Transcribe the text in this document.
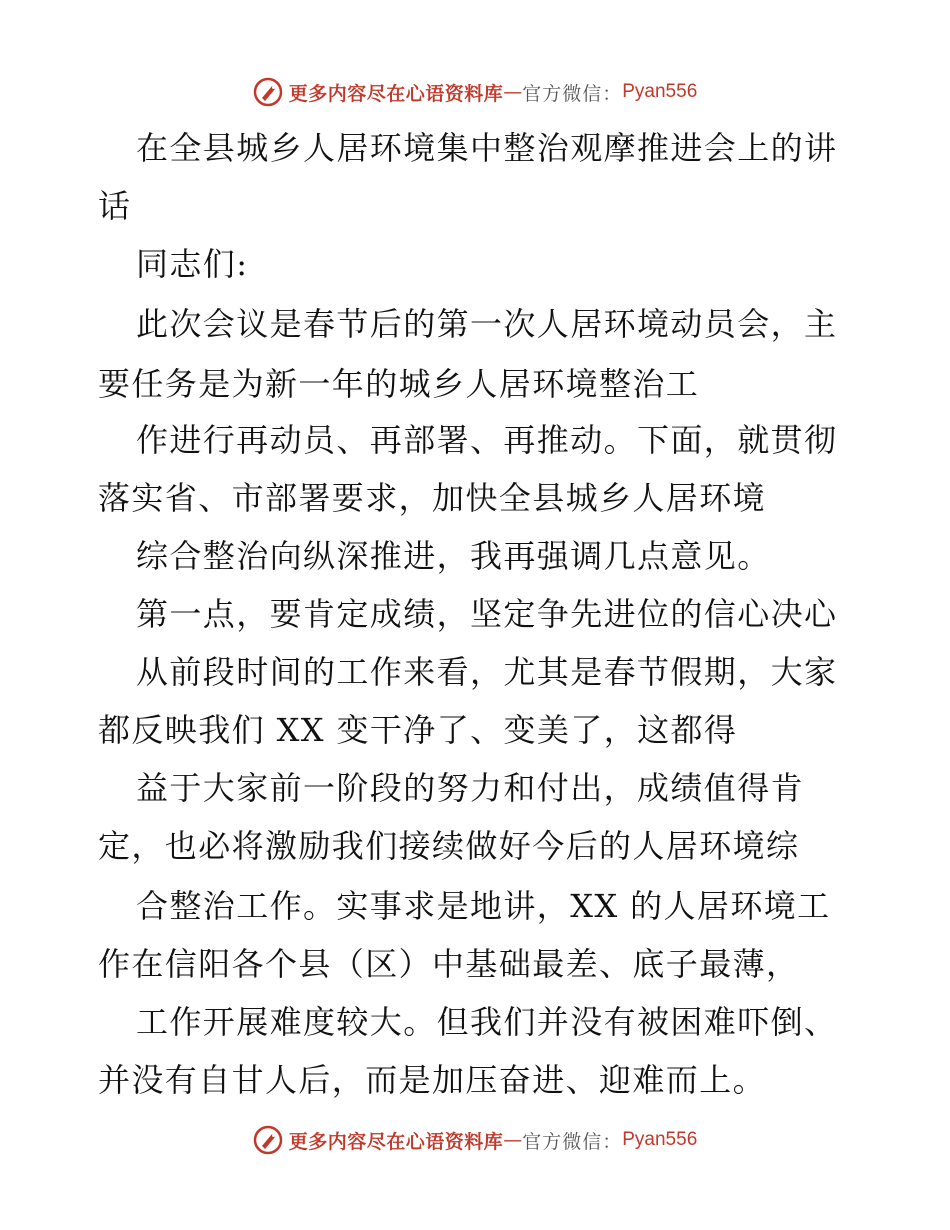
更多内容尽在心语资料库 — 官方微信： Pyan556
在全县城乡人居环境集中整治观摩推进会上的讲
话
同志们:
此次会议是春节后的第一次人居环境动员会，主
要任务是为新一年的城乡人居环境整治工
作进行再动员、再部署、再推动。下面，就贯彻
落实省、市部署要求，加快全县城乡人居环境
综合整治向纵深推进，我再强调几点意见。
第一点，要肯定成绩，坚定争先进位的信心决心
从前段时间的工作来看，尤其是春节假期，大家
都反映我们 XX 变干净了、变美了，这都得
益于大家前一阶段的努力和付出，成绩值得肯
定，也必将激励我们接续做好今后的人居环境综
合整治工作。实事求是地讲，XX 的人居环境工
作在信阳各个县（区）中基础最差、底子最薄，
工作开展难度较大。但我们并没有被困难吓倒、
并没有自甘人后，而是加压奋进、迎难而上。
更多内容尽在心语资料库 — 官方微信： Pyan556
